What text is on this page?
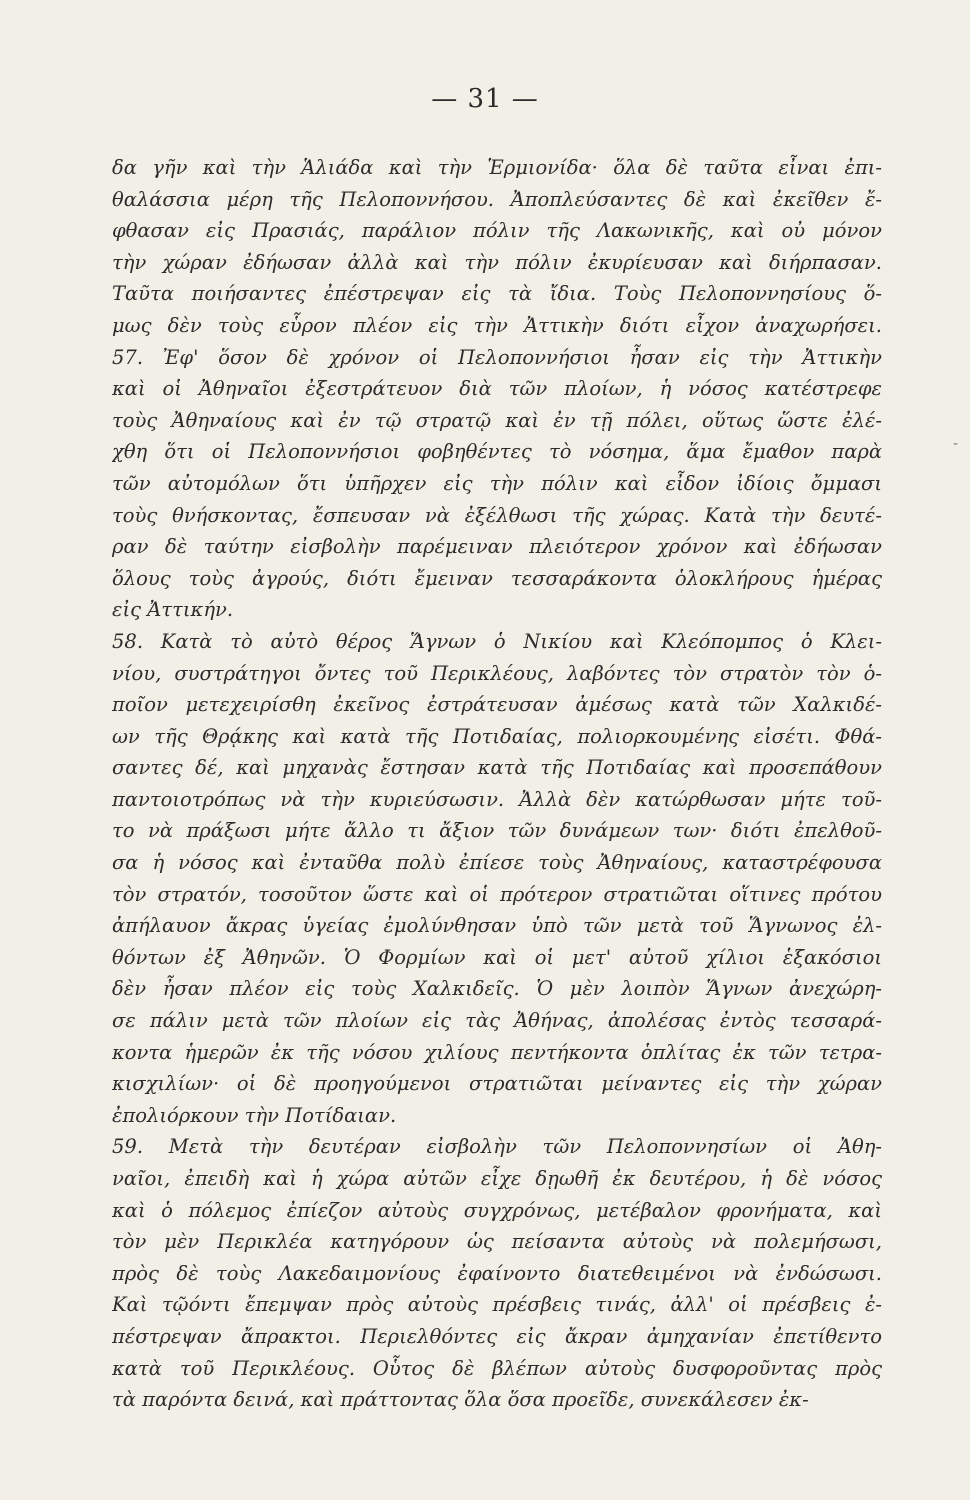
— 31 —
-
δα γῆν καὶ τὴν Ἁλιάδα καὶ τὴν Ἑρμιονίδα· ὅλα δὲ ταῦτα εἶναι ἐπι-
θαλάσσια μέρη τῆς Πελοποννήσου. Ἀποπλεύσαντες δὲ καὶ ἐκεῖθεν ἔ-
φθασαν εἰς Πρασιάς, παράλιον πόλιν τῆς Λακωνικῆς, καὶ οὐ μόνον
τὴν χώραν ἐδήωσαν ἀλλὰ καὶ τὴν πόλιν ἐκυρίευσαν καὶ διήρπασαν.
Ταῦτα ποιήσαντες ἐπέστρεψαν εἰς τὰ ἴδια. Τοὺς Πελοποννησίους ὅ-
μως δὲν τοὺς εὗρον πλέον εἰς τὴν Ἀττικὴν διότι εἶχον ἀναχωρήσει.
57. Ἐφ' ὅσον δὲ χρόνον οἱ Πελοποννήσιοι ἦσαν εἰς τὴν Ἀττικὴν
καὶ οἱ Ἀθηναῖοι ἐξεστράτευον διὰ τῶν πλοίων, ἡ νόσος κατέστρεφε
τοὺς Ἀθηναίους καὶ ἐν τῷ στρατῷ καὶ ἐν τῇ πόλει, οὕτως ὥστε ἐλέ-
χθη ὅτι οἱ Πελοποννήσιοι φοβηθέντες τὸ νόσημα, ἅμα ἔμαθον παρὰ
τῶν αὐτομόλων ὅτι ὑπῆρχεν εἰς τὴν πόλιν καὶ εἶδον ἰδίοις ὄμμασι
τοὺς θνήσκοντας, ἔσπευσαν νὰ ἐξέλθωσι τῆς χώρας. Κατὰ τὴν δευτέ-
ραν δὲ ταύτην εἰσβολὴν παρέμειναν πλειότερον χρόνον καὶ ἐδήωσαν
ὅλους τοὺς ἀγρούς, διότι ἔμειναν τεσσαράκοντα ὁλοκλήρους ἡμέρας
εἰς Ἀττικήν.
58. Κατὰ τὸ αὐτὸ θέρος Ἅγνων ὁ Νικίου καὶ Κλεόπομπος ὁ Κλει-
νίου, συστράτηγοι ὄντες τοῦ Περικλέους, λαβόντες τὸν στρατὸν τὸν ὁ-
ποῖον μετεχειρίσθη ἐκεῖνος ἐστράτευσαν ἀμέσως κατὰ τῶν Χαλκιδέ-
ων τῆς Θρᾴκης καὶ κατὰ τῆς Ποτιδαίας, πολιορκουμένης εἰσέτι. Φθά-
σαντες δέ, καὶ μηχανὰς ἔστησαν κατὰ τῆς Ποτιδαίας καὶ προσεπάθουν
παντοιοτρόπως νὰ τὴν κυριεύσωσιν. Ἀλλὰ δὲν κατώρθωσαν μήτε τοῦ-
το νὰ πράξωσι μήτε ἄλλο τι ἄξιον τῶν δυνάμεων των· διότι ἐπελθοῦ-
σα ἡ νόσος καὶ ἐνταῦθα πολὺ ἐπίεσε τοὺς Ἀθηναίους, καταστρέφουσα
τὸν στρατόν, τοσοῦτον ὥστε καὶ οἱ πρότερον στρατιῶται οἵτινες πρότου
ἀπήλαυον ἄκρας ὑγείας ἐμολύνθησαν ὑπὸ τῶν μετὰ τοῦ Ἅγνωνος ἐλ-
θόντων ἐξ Ἀθηνῶν. Ὁ Φορμίων καὶ οἱ μετ' αὐτοῦ χίλιοι ἑξακόσιοι
δὲν ἦσαν πλέον εἰς τοὺς Χαλκιδεῖς. Ὁ μὲν λοιπὸν Ἅγνων ἀνεχώρη-
σε πάλιν μετὰ τῶν πλοίων εἰς τὰς Ἀθήνας, ἀπολέσας ἐντὸς τεσσαρά-
κοντα ἡμερῶν ἐκ τῆς νόσου χιλίους πεντήκοντα ὁπλίτας ἐκ τῶν τετρα-
κισχιλίων· οἱ δὲ προηγούμενοι στρατιῶται μείναντες εἰς τὴν χώραν
ἐπολιόρκουν τὴν Ποτίδαιαν.
59. Μετὰ τὴν δευτέραν εἰσβολὴν τῶν Πελοποννησίων οἱ Ἀθη-
ναῖοι, ἐπειδὴ καὶ ἡ χώρα αὐτῶν εἶχε δῃωθῆ ἐκ δευτέρου, ἡ δὲ νόσος
καὶ ὁ πόλεμος ἐπίεζον αὐτοὺς συγχρόνως, μετέβαλον φρονήματα, καὶ
τὸν μὲν Περικλέα κατηγόρουν ὡς πείσαντα αὐτοὺς νὰ πολεμήσωσι,
πρὸς δὲ τοὺς Λακεδαιμονίους ἐφαίνοντο διατεθειμένοι νὰ ἐνδώσωσι.
Καὶ τῷόντι ἔπεμψαν πρὸς αὐτοὺς πρέσβεις τινάς, ἀλλ' οἱ πρέσβεις ἐ-
πέστρεψαν ἄπρακτοι. Περιελθόντες εἰς ἄκραν ἀμηχανίαν ἐπετίθεντο
κατὰ τοῦ Περικλέους. Οὗτος δὲ βλέπων αὐτοὺς δυσφοροῦντας πρὸς
τὰ παρόντα δεινά, καὶ πράττοντας ὅλα ὅσα προεῖδε, συνεκάλεσεν ἐκ-
